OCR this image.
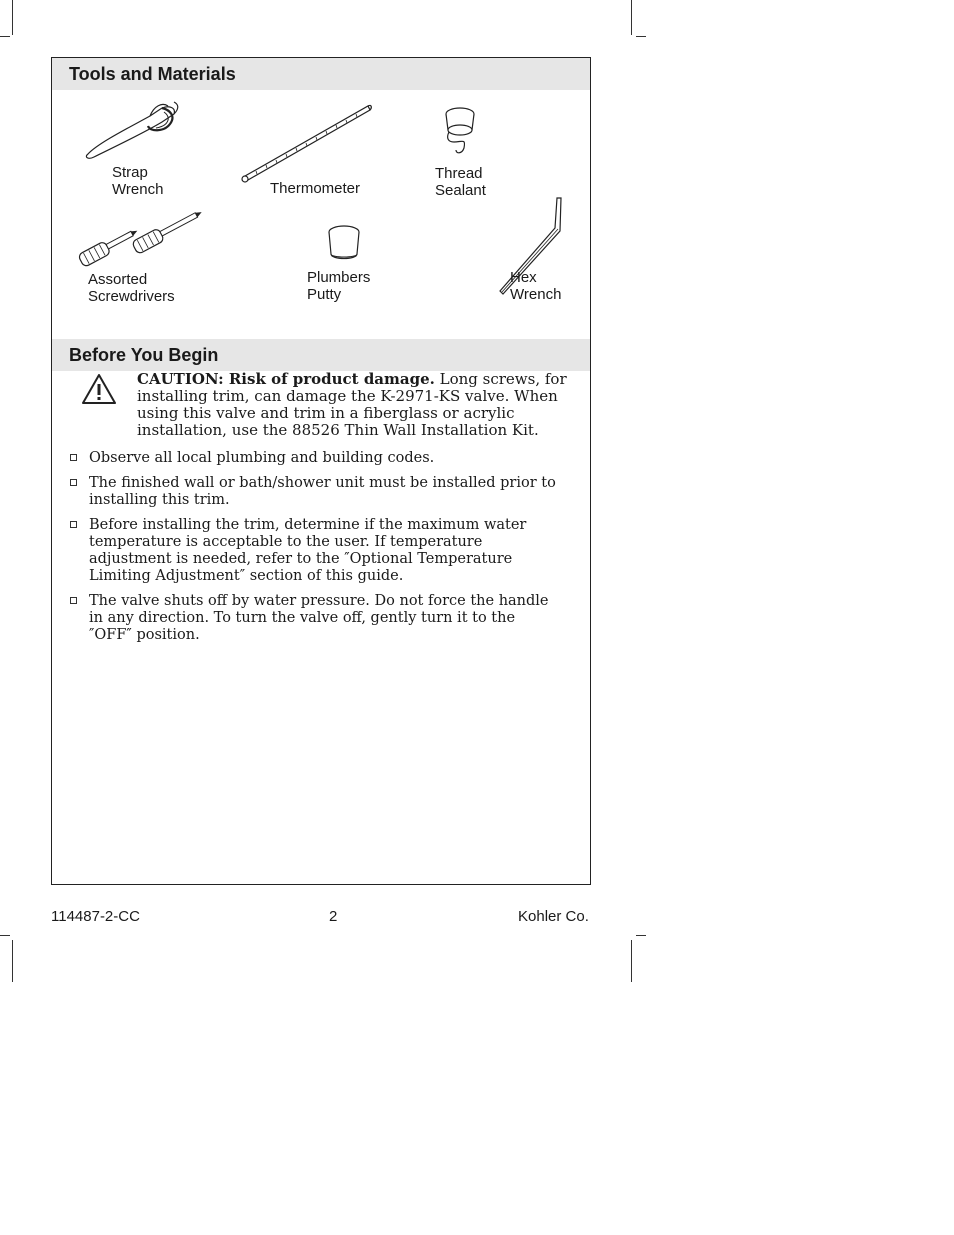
Tools and Materials
Strap
Wrench	Thermometer
Thread
Sealant
Assorted
Screwdrivers
Plumbers
Putty
Hex
Wrench
Before You Begin
CAUTION: Risk of product damage. Long screws, for installing trim, can damage the K-2971-KS valve. When using this valve and trim in a fiberglass or acrylic installation, use the 88526 Thin Wall Installation Kit.
Observe all local plumbing and building codes.
The finished wall or bath/shower unit must be installed prior to installing this trim.
Before installing the trim, determine if the maximum water temperature is acceptable to the user. If temperature adjustment is needed, refer to the ″Optional Temperature Limiting Adjustment″ section of this guide.
The valve shuts off by water pressure. Do not force the handle in any direction. To turn the valve off, gently turn it to the ″OFF″ position.
114487-2-CC	2	Kohler Co.
